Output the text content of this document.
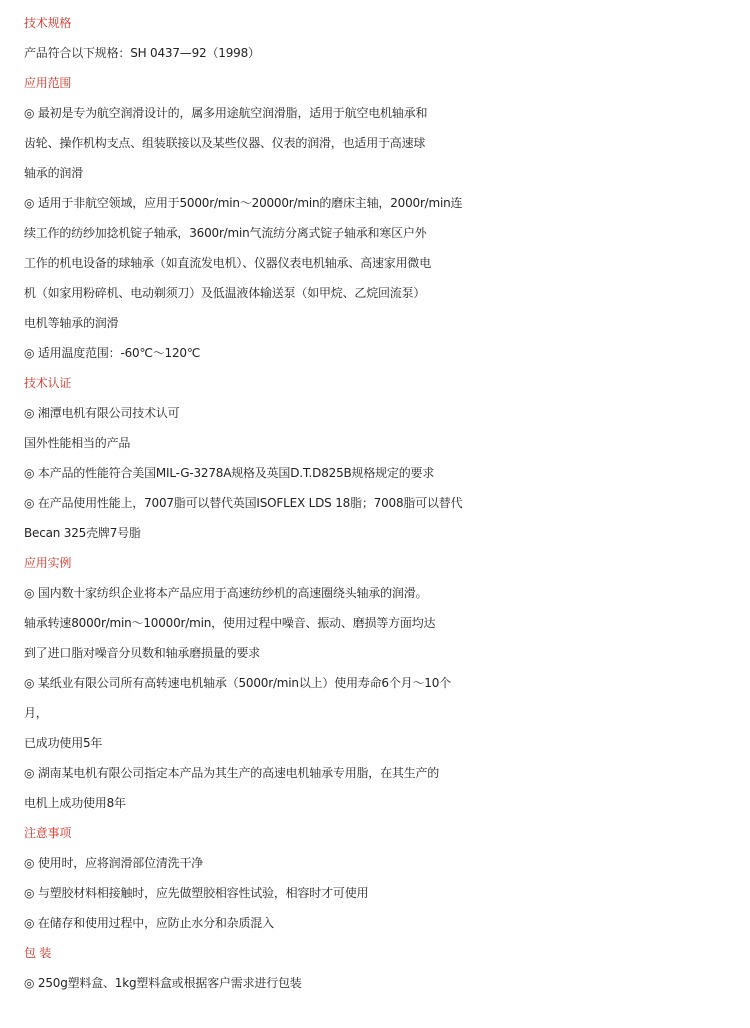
技术规格
产品符合以下规格：SH 0437—92（1998）
应用范围
◎ 最初是专为航空润滑设计的，属多用途航空润滑脂，适用于航空电机轴承和
齿轮、操作机构支点、组装联接以及某些仪器、仪表的润滑，也适用于高速球
轴承的润滑
◎ 适用于非航空领域，应用于5000r/min～20000r/min的磨床主轴，2000r/min连
续工作的纺纱加捻机锭子轴承，3600r/min气流纺分离式锭子轴承和寒区户外
工作的机电设备的球轴承（如直流发电机）、仪器仪表电机轴承、高速家用微电
机（如家用粉碎机、电动剃须刀）及低温液体输送泵（如甲烷、乙烷回流泵）
电机等轴承的润滑
◎ 适用温度范围：-60℃～120℃
技术认证
◎ 湘潭电机有限公司技术认可
国外性能相当的产品
◎ 本产品的性能符合美国MIL-G-3278A规格及英国D.T.D825B规格规定的要求
◎ 在产品使用性能上，7007脂可以替代英国ISOFLEX LDS 18脂；7008脂可以替代
Becan 325壳牌7号脂
应用实例
◎ 国内数十家纺织企业将本产品应用于高速纺纱机的高速圈绕头轴承的润滑。
轴承转速8000r/min～10000r/min，使用过程中噪音、振动、磨损等方面均达
到了进口脂对噪音分贝数和轴承磨损量的要求
◎ 某纸业有限公司所有高转速电机轴承（5000r/min以上）使用寿命6个月～10个
月，
已成功使用5年
◎ 湖南某电机有限公司指定本产品为其生产的高速电机轴承专用脂，在其生产的
电机上成功使用8年
注意事项
◎ 使用时，应将润滑部位清洗干净
◎ 与塑胶材料相接触时，应先做塑胶相容性试验，相容时才可使用
◎ 在储存和使用过程中，应防止水分和杂质混入
包 装
◎ 250g塑料盒、1kg塑料盒或根据客户需求进行包装
